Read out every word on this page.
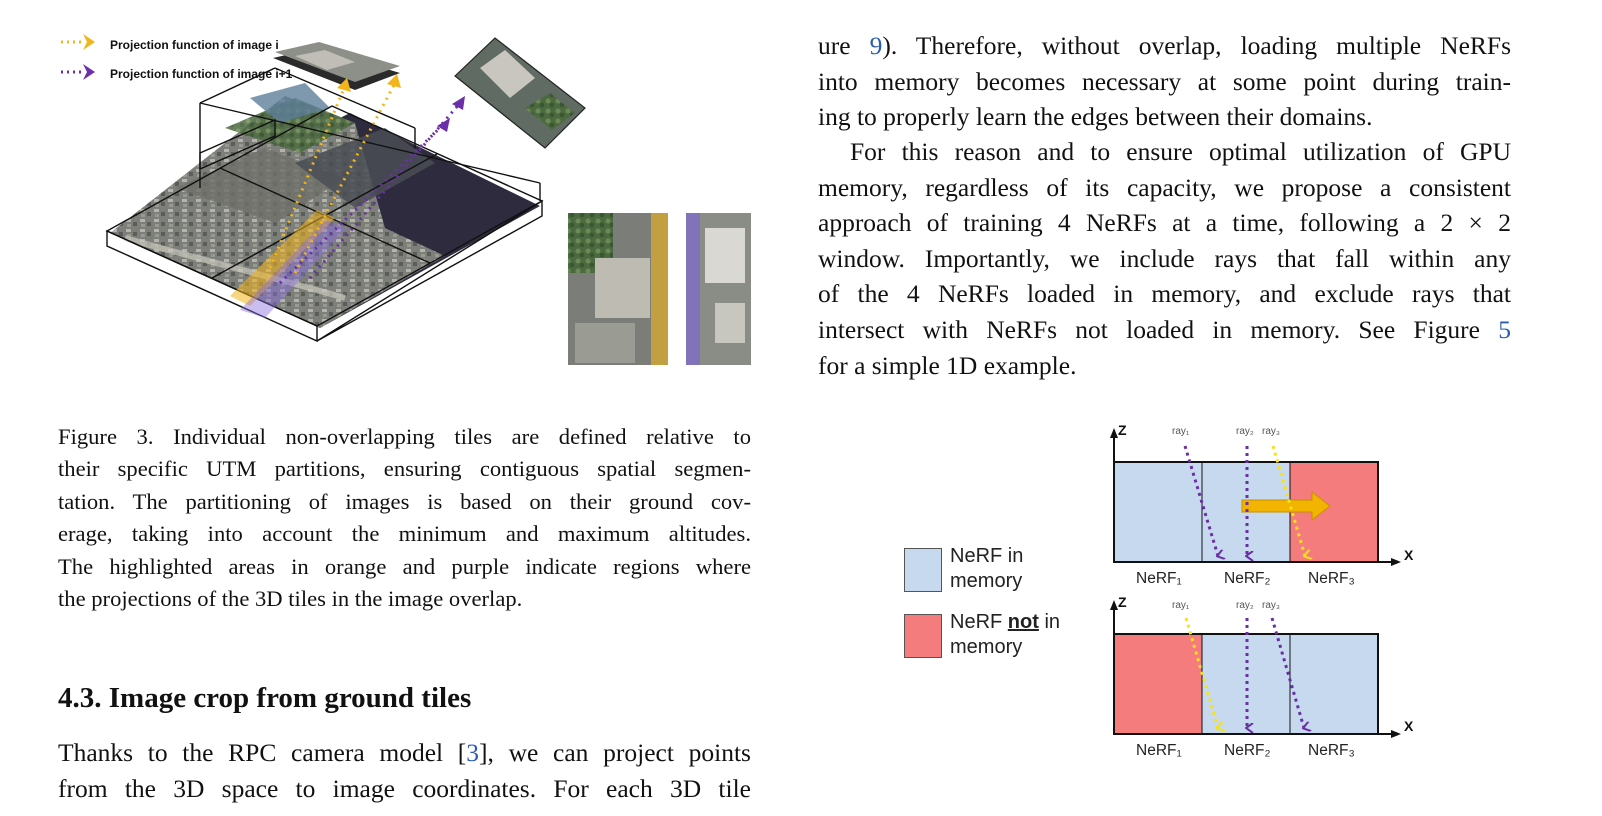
Projection function of image i
Projection function of image i+1
Figure 3. Individual non-overlapping tiles are defined relative to
their specific UTM partitions, ensuring contiguous spatial segmen-
tation. The partitioning of images is based on their ground cov-
erage, taking into account the minimum and maximum altitudes.
The highlighted areas in orange and purple indicate regions where
the projections of the 3D tiles in the image overlap.
4.3. Image crop from ground tiles
Thanks to the RPC camera model [3], we can project points
from the 3D space to image coordinates. For each 3D tile
ure 9). Therefore, without overlap, loading multiple NeRFs
into memory becomes necessary at some point during train-
ing to properly learn the edges between their domains.
For this reason and to ensure optimal utilization of GPU
memory, regardless of its capacity, we propose a consistent
approach of training 4 NeRFs at a time, following a 2 × 2
window. Importantly, we include rays that fall within any
of the 4 NeRFs loaded in memory, and exclude rays that
intersect with NeRFs not loaded in memory. See Figure 5
for a simple 1D example.
NeRF in
memory
NeRF not in
memory
Z
X
ray₁	ray₂ ray₃
NeRF₁	NeRF₂ NeRF₃
Z
X
ray₁	ray₂ ray₃
NeRF₁	NeRF₂ NeRF₃
